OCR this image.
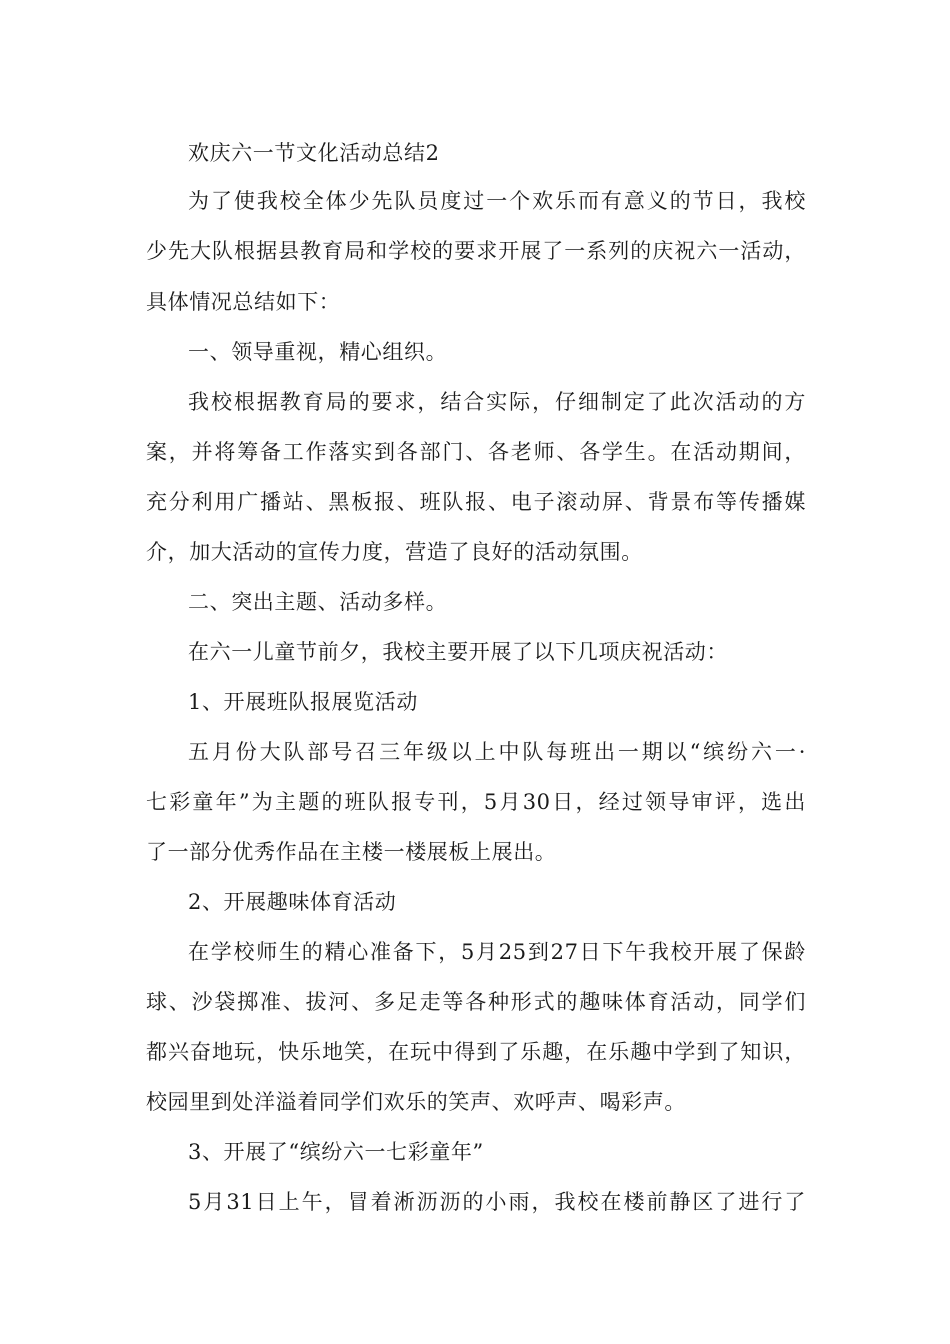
欢庆六一节文化活动总结2
为了使我校全体少先队员度过一个欢乐而有意义的节日，我校
少先大队根据县教育局和学校的要求开展了一系列的庆祝六一活动，
具体情况总结如下：
一、领导重视，精心组织。
我校根据教育局的要求，结合实际，仔细制定了此次活动的方
案，并将筹备工作落实到各部门、各老师、各学生。在活动期间，
充分利用广播站、黑板报、班队报、电子滚动屏、背景布等传播媒
介，加大活动的宣传力度，营造了良好的活动氛围。
二、突出主题、活动多样。
在六一儿童节前夕，我校主要开展了以下几项庆祝活动：
1、开展班队报展览活动
五月份大队部号召三年级以上中队每班出一期以“缤纷六一·
七彩童年”为主题的班队报专刊，5月30日，经过领导审评，选出
了一部分优秀作品在主楼一楼展板上展出。
2、开展趣味体育活动
在学校师生的精心准备下，5月25到27日下午我校开展了保龄
球、沙袋掷准、拔河、多足走等各种形式的趣味体育活动，同学们
都兴奋地玩，快乐地笑，在玩中得到了乐趣，在乐趣中学到了知识，
校园里到处洋溢着同学们欢乐的笑声、欢呼声、喝彩声。
3、开展了“缤纷六一七彩童年”
5月31日上午，冒着淅沥沥的小雨，我校在楼前静区了进行了
